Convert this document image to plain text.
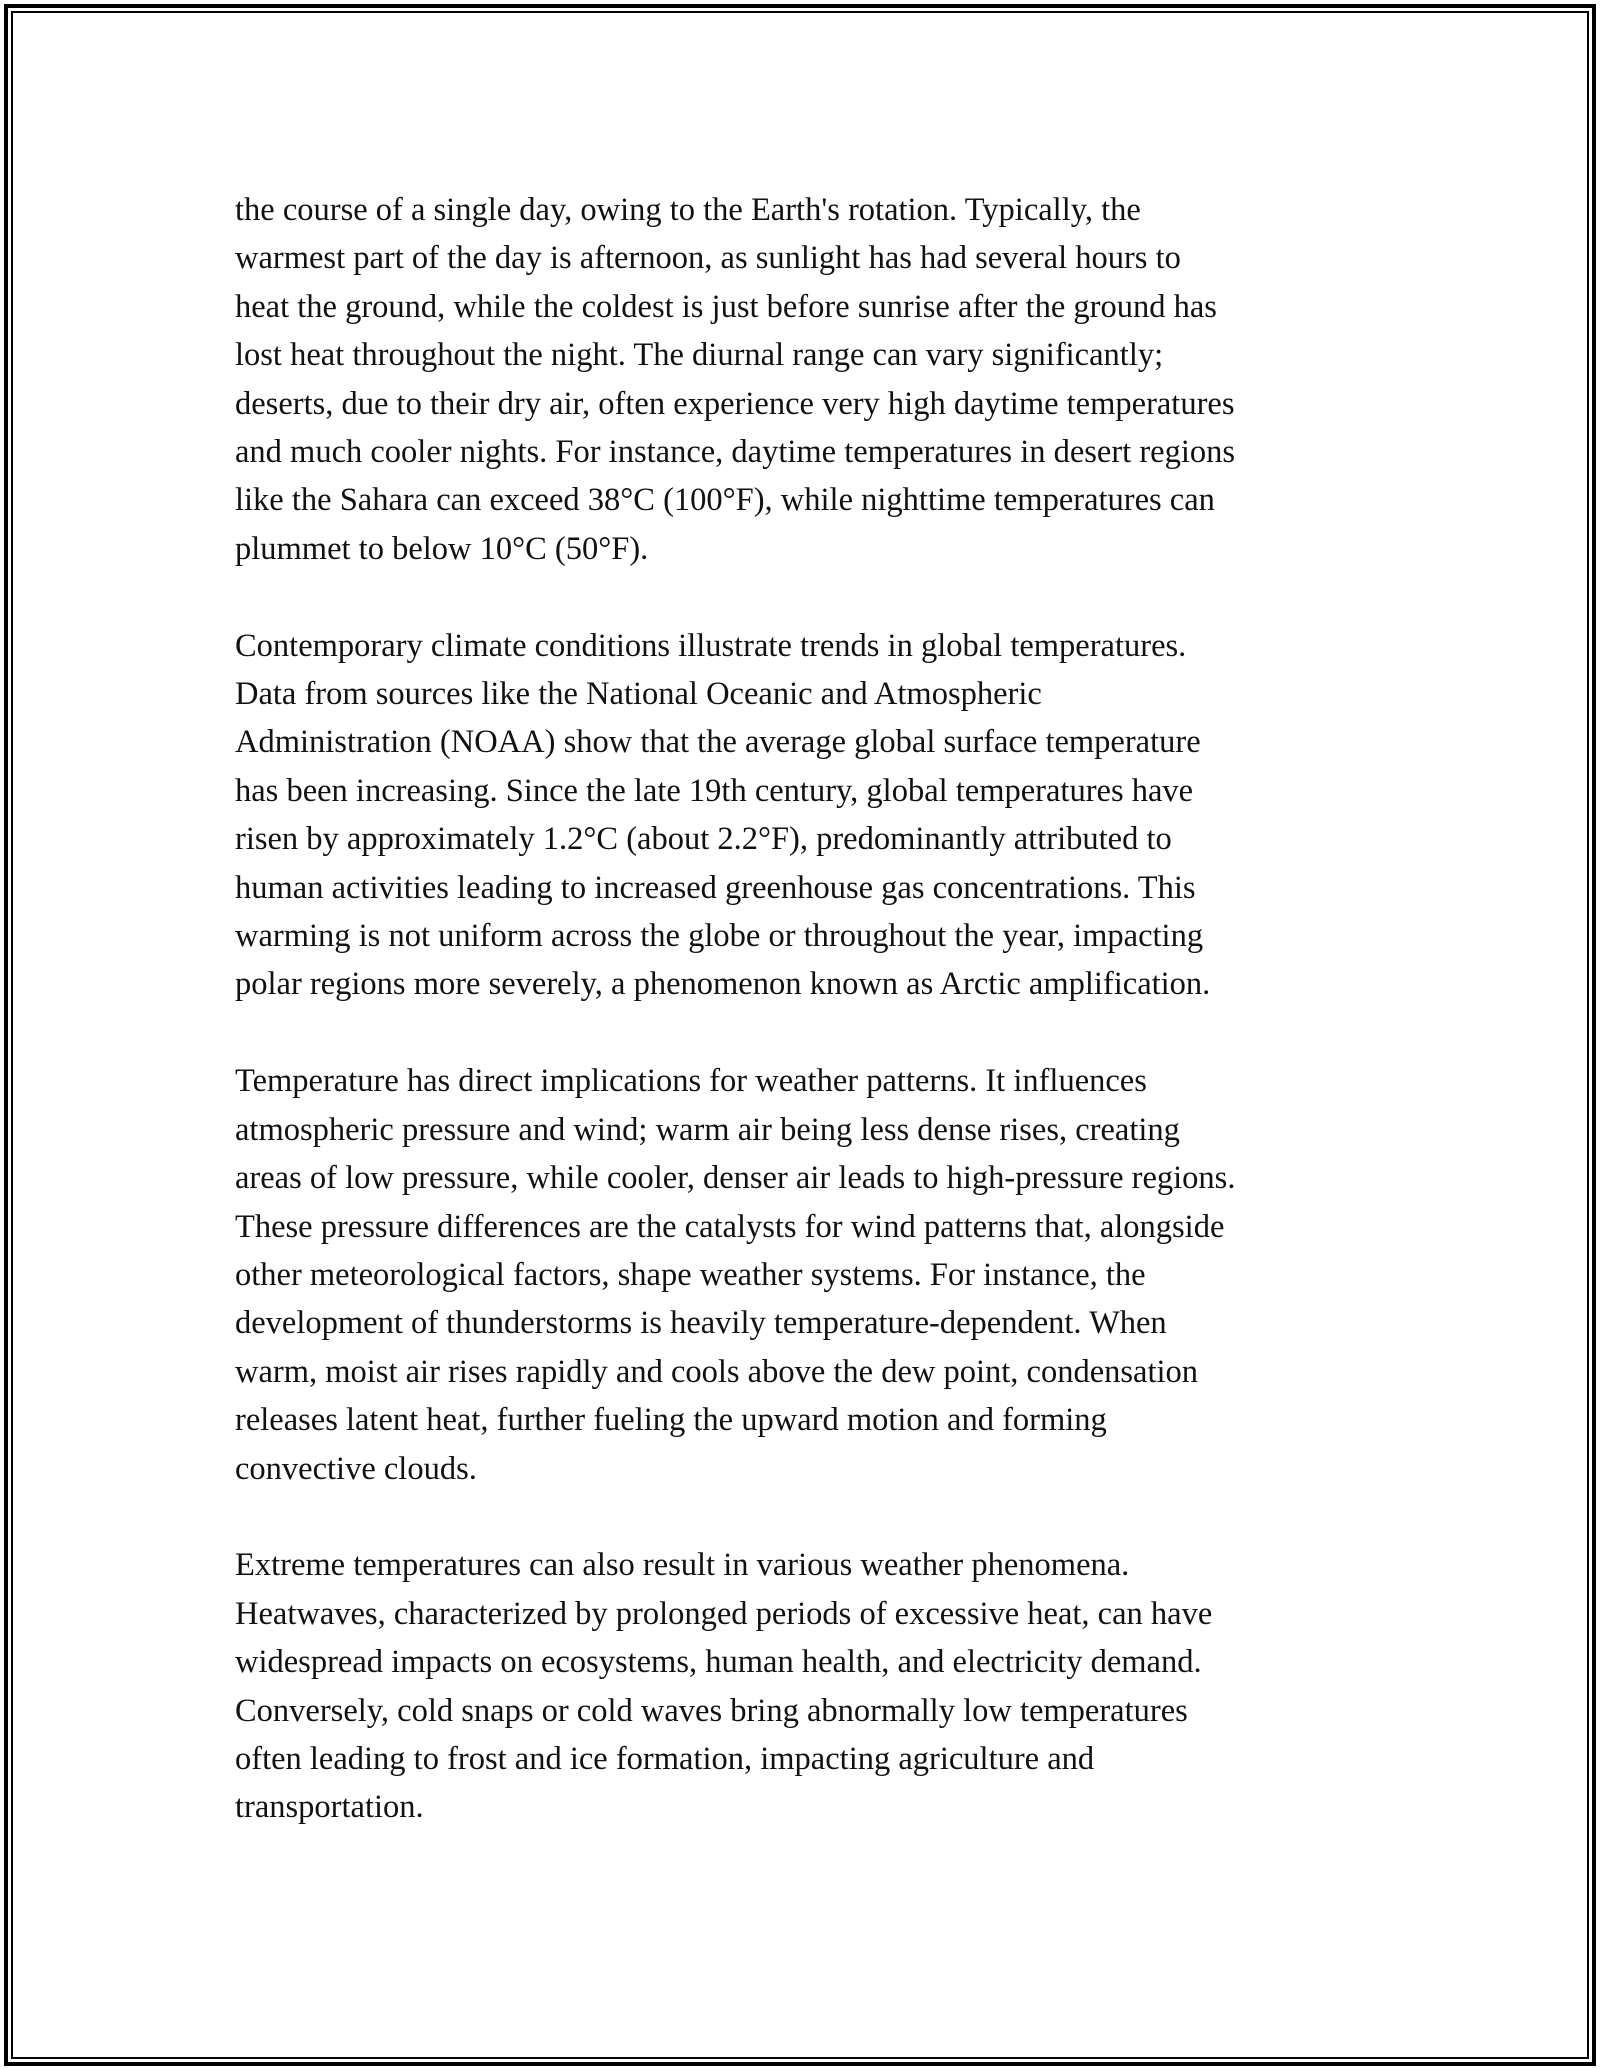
the course of a single day, owing to the Earth's rotation. Typically, the
warmest part of the day is afternoon, as sunlight has had several hours to
heat the ground, while the coldest is just before sunrise after the ground has
lost heat throughout the night. The diurnal range can vary significantly;
deserts, due to their dry air, often experience very high daytime temperatures
and much cooler nights. For instance, daytime temperatures in desert regions
like the Sahara can exceed 38°C (100°F), while nighttime temperatures can
plummet to below 10°C (50°F).

Contemporary climate conditions illustrate trends in global temperatures.
Data from sources like the National Oceanic and Atmospheric
Administration (NOAA) show that the average global surface temperature
has been increasing. Since the late 19th century, global temperatures have
risen by approximately 1.2°C (about 2.2°F), predominantly attributed to
human activities leading to increased greenhouse gas concentrations. This
warming is not uniform across the globe or throughout the year, impacting
polar regions more severely, a phenomenon known as Arctic amplification.

Temperature has direct implications for weather patterns. It influences
atmospheric pressure and wind; warm air being less dense rises, creating
areas of low pressure, while cooler, denser air leads to high-pressure regions.
These pressure differences are the catalysts for wind patterns that, alongside
other meteorological factors, shape weather systems. For instance, the
development of thunderstorms is heavily temperature-dependent. When
warm, moist air rises rapidly and cools above the dew point, condensation
releases latent heat, further fueling the upward motion and forming
convective clouds.

Extreme temperatures can also result in various weather phenomena.
Heatwaves, characterized by prolonged periods of excessive heat, can have
widespread impacts on ecosystems, human health, and electricity demand.
Conversely, cold snaps or cold waves bring abnormally low temperatures
often leading to frost and ice formation, impacting agriculture and
transportation.
